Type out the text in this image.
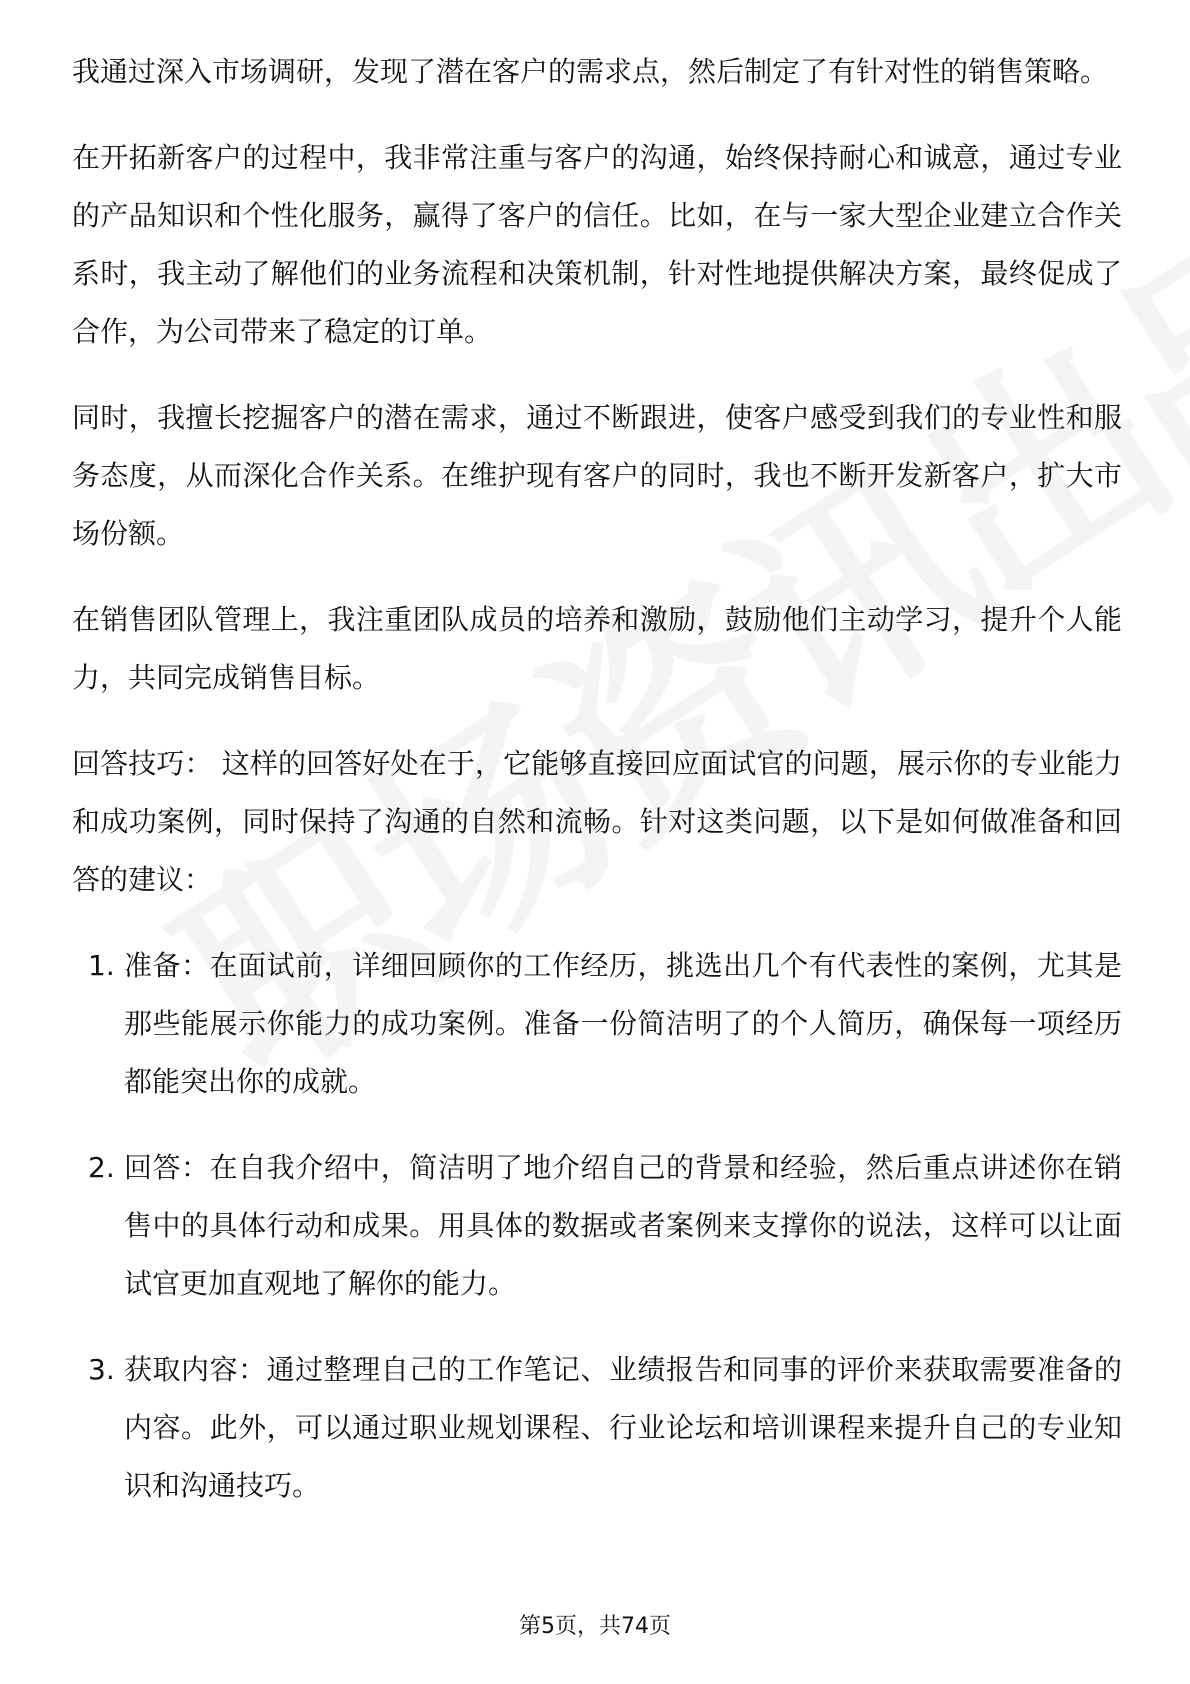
我通过深入市场调研，发现了潜在客户的需求点，然后制定了有针对性的销售策略。

在开拓新客户的过程中，我非常注重与客户的沟通，始终保持耐心和诚意，通过专业的产品知识和个性化服务，赢得了客户的信任。比如，在与一家大型企业建立合作关系时，我主动了解他们的业务流程和决策机制，针对性地提供解决方案，最终促成了合作，为公司带来了稳定的订单。

同时，我擅长挖掘客户的潜在需求，通过不断跟进，使客户感受到我们的专业性和服务态度，从而深化合作关系。在维护现有客户的同时，我也不断开发新客户，扩大市场份额。

在销售团队管理上，我注重团队成员的培养和激励，鼓励他们主动学习，提升个人能力，共同完成销售目标。

回答技巧： 这样的回答好处在于，它能够直接回应面试官的问题，展示你的专业能力和成功案例，同时保持了沟通的自然和流畅。针对这类问题，以下是如何做准备和回答的建议：

1. 准备：在面试前，详细回顾你的工作经历，挑选出几个有代表性的案例，尤其是那些能展示你能力的成功案例。准备一份简洁明了的个人简历，确保每一项经历都能突出你的成就。
2. 回答：在自我介绍中，简洁明了地介绍自己的背景和经验，然后重点讲述你在销售中的具体行动和成果。用具体的数据或者案例来支撑你的说法，这样可以让面试官更加直观地了解你的能力。
3. 获取内容：通过整理自己的工作笔记、业绩报告和同事的评价来获取需要准备的内容。此外，可以通过职业规划课程、行业论坛和培训课程来提升自己的专业知识和沟通技巧。
第5页，共74页
